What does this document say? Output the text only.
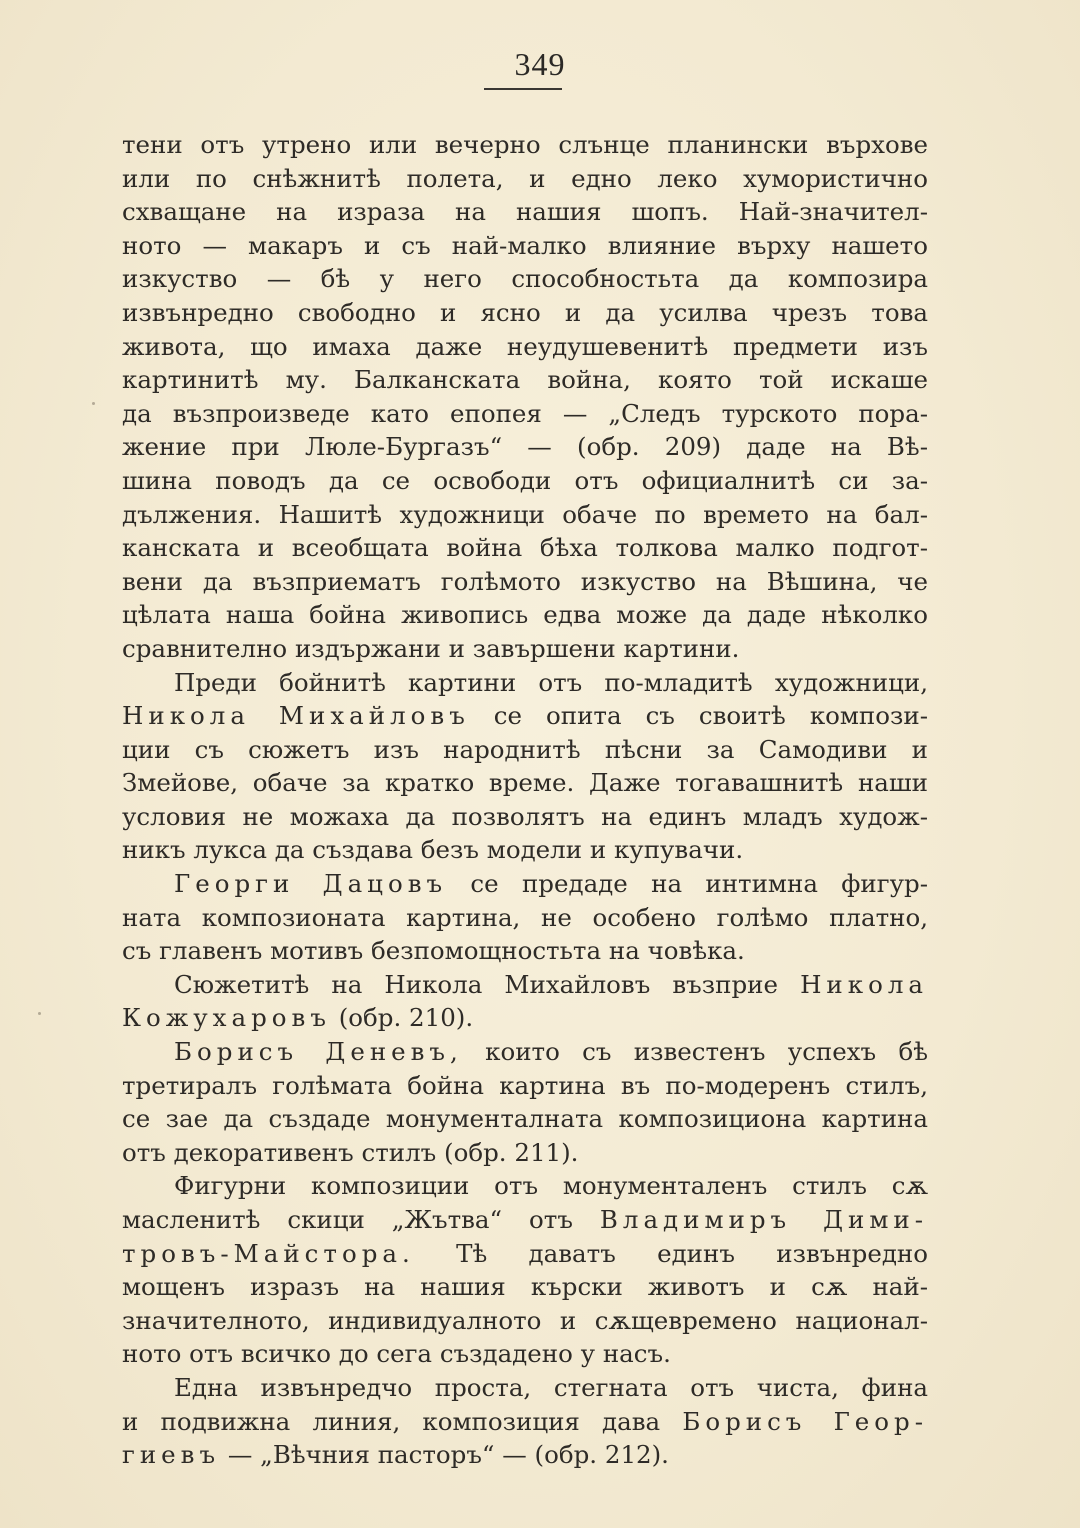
349
тени отъ утрено или вечерно слънце планински върхове
или по снѣжнитѣ полета, и едно леко хумористично
схващане на израза на нашия шопъ. Най-значител-
ното — макаръ и съ най-малко влияние върху нашето
изкуство — бѣ у него способностьта да композира
извънредно свободно и ясно и да усилва чрезъ това
живота, що имаха даже неудушевенитѣ предмети изъ
картинитѣ му. Балканската война, която той искаше
да възпроизведе като епопея — „Следъ турското пора-
жение при Люле-Бургазъ“ — (обр. 209) даде на Вѣ-
шина поводъ да се освободи отъ официалнитѣ си за-
дължения. Нашитѣ художници обаче по времето на бал-
канската и всеобщата война бѣха толкова малко подгот-
вени да възприематъ голѣмото изкуство на Вѣшина, че
цѣлата наша бойна живопись едва може да даде нѣколко
сравнително издържани и завършени картини.
Преди бойнитѣ картини отъ по-младитѣ художници,
Никола Михайловъ се опита съ своитѣ компози-
ции съ сюжетъ изъ народнитѣ пѣсни за Самодиви и
Змейове, обаче за кратко време. Даже тогавашнитѣ наши
условия не можаха да позволятъ на единъ младъ худож-
никъ лукса да създава безъ модели и купувачи.
Георги Дацовъ се предаде на интимна фигур-
ната композионата картина, не особено голѣмо платно,
съ главенъ мотивъ безпомощностьта на човѣка.
Сюжетитѣ на Никола Михайловъ възприе Никола
Кожухаровъ (обр. 210).
Борисъ Деневъ, които съ известенъ успехъ бѣ
третиралъ голѣмата бойна картина въ по-модеренъ стилъ,
се зае да създаде монументалната композициона картина
отъ декоративенъ стилъ (обр. 211).
Фигурни композиции отъ монументаленъ стилъ сѫ
масленитѣ скици „Жътва“ отъ Владимиръ Дими-
тровъ-Майстора. Тѣ даватъ единъ извънредно
мощенъ изразъ на нашия кърски животъ и сѫ най-
значителното, индивидуалното и сѫщевремено национал-
ното отъ всичко до сега създадено у насъ.
Една извънредчо проста, стегната отъ чиста, фина
и подвижна линия, композиция дава Борисъ Геор-
гиевъ — „Вѣчния пасторъ“ — (обр. 212).
